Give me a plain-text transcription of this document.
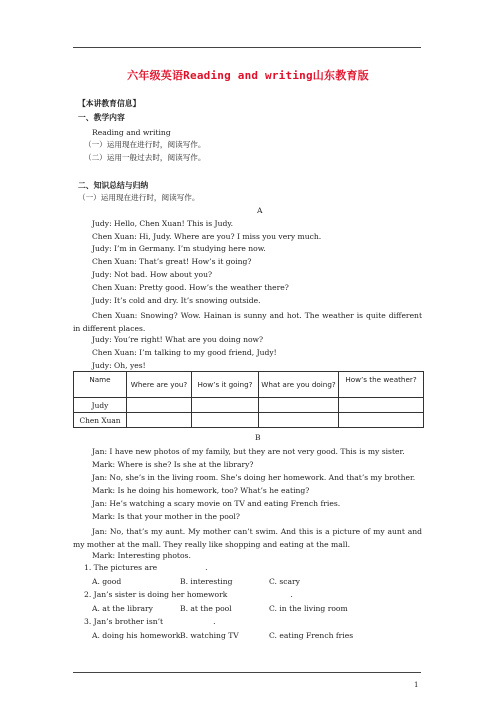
六年级英语Reading and writing山东教育版
【本讲教育信息】
一、教学内容
Reading and writing
（一）运用现在进行时，阅读写作。
（二）运用一般过去时，阅读写作。
二、知识总结与归纳
（一）运用现在进行时，阅读写作。
A
Judy: Hello, Chen Xuan! This is Judy.
Chen Xuan: Hi, Judy. Where are you? I miss you very much.
Judy: I’m in Germany. I’m studying here now.
Chen Xuan: That’s great! How’s it going?
Judy: Not bad. How about you?
Chen Xuan: Pretty good. How’s the weather there?
Judy: It’s cold and dry. It’s snowing outside.
Chen Xuan: Snowing? Wow. Hainan is sunny and hot. The weather is quite different in different places.
Judy: You’re right! What are you doing now?
Chen Xuan: I’m talking to my good friend, Judy!
Judy: Oh, yes!
Name	Where are you?	How’s it going?	What are you doing?	How’s the weather?
Judy				
Chen Xuan				
B
Jan: I have new photos of my family, but they are not very good. This is my sister.
Mark: Where is she? Is she at the library?
Jan: No, she’s in the living room. She’s doing her homework. And that’s my brother.
Mark: Is he doing his homework, too? What’s he eating?
Jan: He’s watching a scary movie on TV and eating French fries.
Mark: Is that your mother in the pool?
Jan: No, that’s my aunt. My mother can’t swim. And this is a picture of my aunt and my mother at the mall. They really like shopping and eating at the mall.
Mark: Interesting photos.
1. The pictures are	.
A. good	B. interesting	C. scary
2. Jan’s sister is doing her homework	.
A. at the library	B. at the pool	C. in the living room
3. Jan’s brother isn’t	.
A. doing his homework B. watching TV	C. eating French fries
1
